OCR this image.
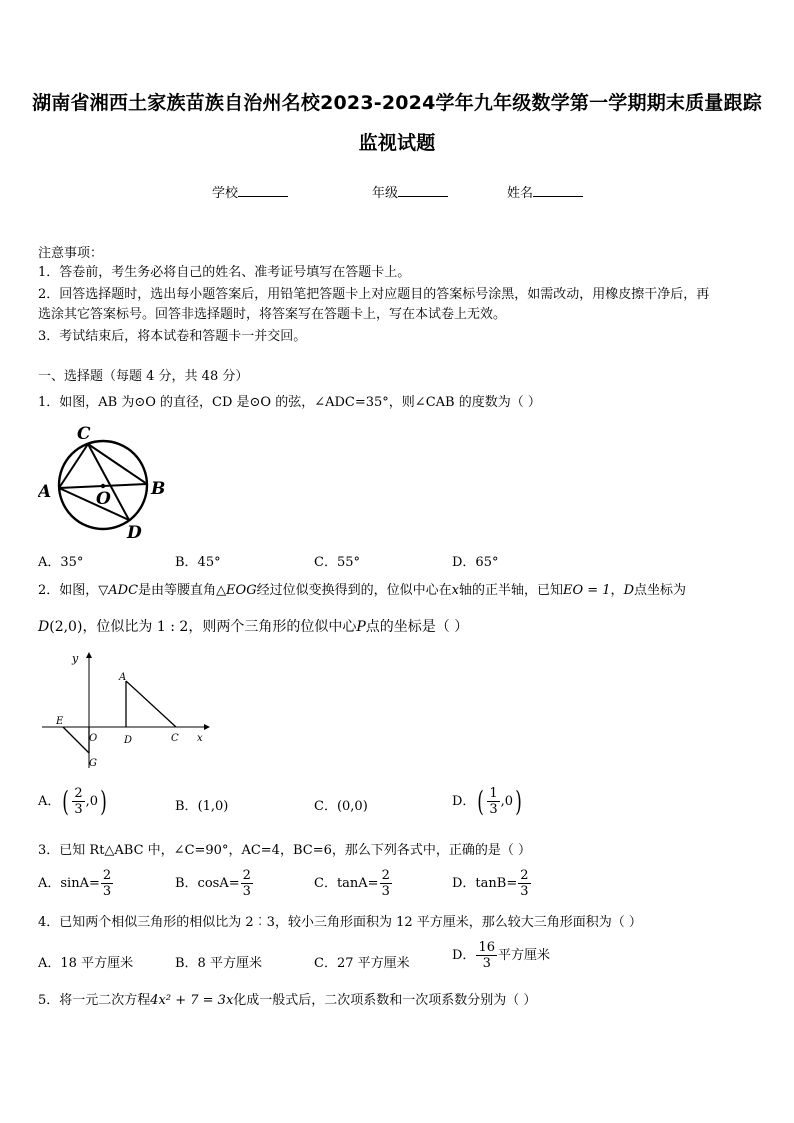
湖南省湘西土家族苗族自治州名校2023-2024学年九年级数学第一学期期末质量跟踪
监视试题
学校	年级	姓名
注意事项：
1．答卷前，考生务必将自己的姓名、准考证号填写在答题卡上。
2．回答选择题时，选出每小题答案后，用铅笔把答题卡上对应题目的答案标号涂黑，如需改动，用橡皮擦干净后，再
选涂其它答案标号。回答非选择题时，将答案写在答题卡上，写在本试卷上无效。
3．考试结束后，将本试卷和答题卡一并交回。
一、选择题（每题 4 分，共 48 分）
1．如图，AB 为⊙O 的直径，CD 是⊙O 的弦，∠ADC=35°，则∠CAB 的度数为（ ）
C
A	O B
D
A．35°	B．45°	C．55°	D．65°
2．如图，▽ADC是由等腰直角△EOG经过位似变换得到的，位似中心在x轴的正半轴，已知EO = 1，D点坐标为
D(2,0)，位似比为 1 : 2，则两个三角形的位似中心P点的坐标是（ ）
y
A
E
O	D	C x
G
A．( $\frac{2}{3} ,0$)	B．(1,0)	C．(0,0)	D．( $\frac{1}{3} ,0$)
3．已知 Rt△ABC 中，∠C=90°，AC=4，BC=6，那么下列各式中，正确的是（ ）
A．$\sin A= \frac{2}{3}$	B．$\cos A= \frac{2}{3}$	C．$\tan A= \frac{2}{3}$	D．$\tan B= \frac{2}{3}$
4．已知两个相似三角形的相似比为 2︰3，较小三角形面积为 12 平方厘米，那么较大三角形面积为（ ）
A．18 平方厘米	B．8 平方厘米	C．27 平方厘米
D． $\frac{16}{3}$ 平方厘米
5．将一元二次方程4x² + 7 = 3x化成一般式后，二次项系数和一次项系数分别为（ ）
